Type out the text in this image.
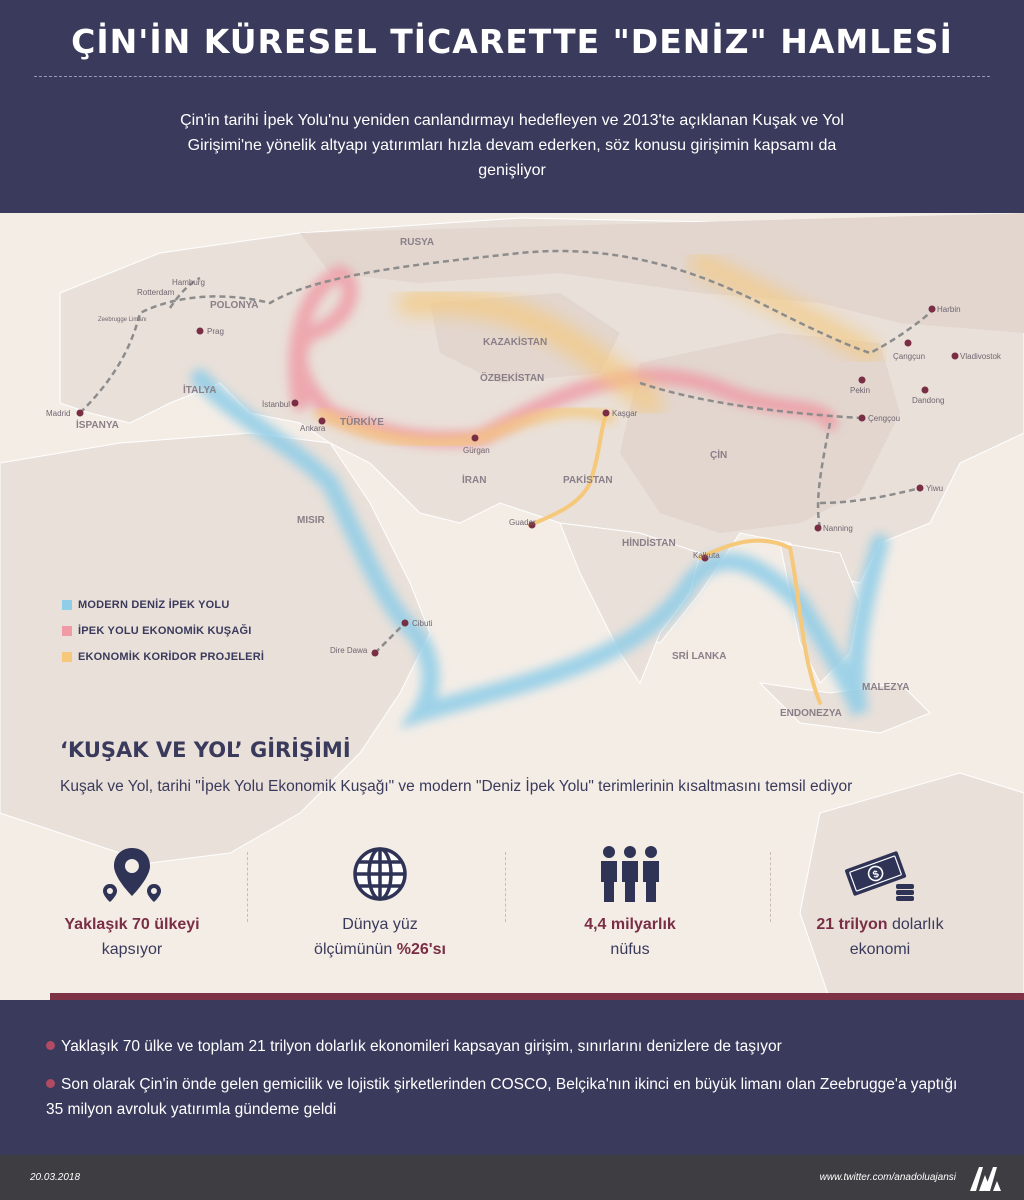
ÇİN'İN KÜRESEL TİCARETTE "DENİZ" HAMLESİ
Çin'in tarihi İpek Yolu'nu yeniden canlandırmayı hedefleyen ve 2013'te açıklanan Kuşak ve Yol Girişimi'ne yönelik altyapı yatırımları hızla devam ederken, söz konusu girişimin kapsamı da genişliyor
RUSYA
POLONYA
KAZAKİSTAN
ÖZBEKİSTAN
TÜRKİYE
İRAN
İSPANYA
İTALYA
MISIR
PAKİSTAN
ÇİN
HİNDİSTAN
SRİ LANKA
MALEZYA
ENDONEZYA
Madrid
Rotterdam
Hamburg
Zeebrugge Limanı
Prag
İstanbul
Ankara
Gürgan
Kaşgar
Guader
Harbin
Çangçun	Vladivostok
Pekin
Dandong
Çengçou
Yiwu
Nanning
Kalkuta
Cibuti
Dire Dawa
MODERN DENİZ İPEK YOLU
İPEK YOLU EKONOMİK KUŞAĞI
EKONOMİK KORİDOR PROJELERİ
‘KUŞAK VE YOL’ GİRİŞİMİ
Kuşak ve Yol, tarihi "İpek Yolu Ekonomik Kuşağı" ve modern "Deniz İpek Yolu" terimlerinin kısaltmasını temsil ediyor
Yaklaşık 70 ülkeyi
kapsıyor
Dünya yüz
ölçümünün %26'sı
4,4 milyarlık
nüfus
$
21 trilyon dolarlık
ekonomi
Yaklaşık 70 ülke ve toplam 21 trilyon dolarlık ekonomileri kapsayan girişim, sınırlarını denizlere de taşıyor
Son olarak Çin'in önde gelen gemicilik ve lojistik şirketlerinden COSCO, Belçika'nın ikinci en büyük limanı olan Zeebrugge'a yaptığı 35 milyon avroluk yatırımla gündeme geldi
20.03.2018	www.twitter.com/anadoluajansi
